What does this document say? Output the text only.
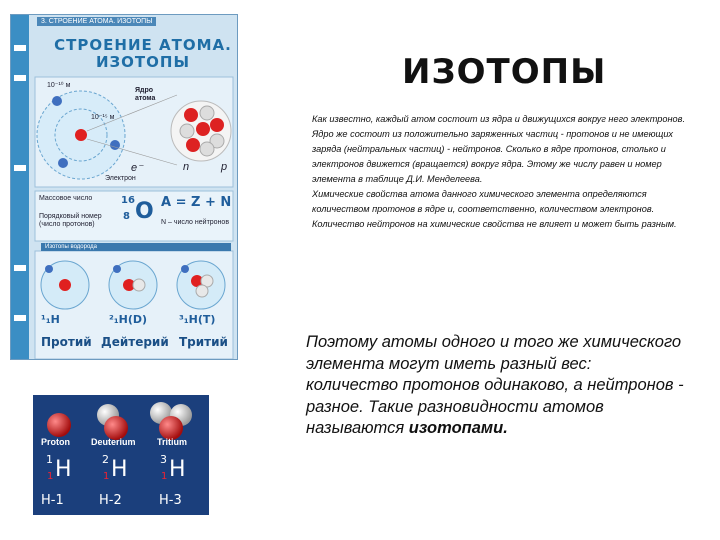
3. СТРОЕНИЕ АТОМА. ИЗОТОПЫ
СТРОЕНИЕ АТОМА.
ИЗОТОПЫ
10⁻¹⁰ м
10⁻¹⁵ м
Ядро
атома
Электрон
e⁻	n	p
Массовое число
Порядковый номер
(число протонов)
16
8 O A = Z + N
N – число нейтронов
Изотопы водорода
¹₁H
Протий
²₁H(D)
Дейтерий
³₁H(T)
Тритий
ИЗОТОПЫ

Как известно, каждый атом состоит из ядра и движущихся вокруг него электронов. Ядро же состоит из положительно заряженных частиц - протонов и не имеющих заряда (нейтральных частиц) - нейтронов. Сколько в ядре протонов, столько и электронов движется (вращается) вокруг ядра. Этому же числу равен и номер элемента в таблице Д.И. Менделеева.

Химические свойства атома данного химического элемента определяются количеством протонов в ядре и, соответственно, количеством электронов. Количество нейтронов на химические свойства не влияет и может быть разным.

Поэтому атомы одного и того же химического элемента могут иметь разный вес: количество протонов одинаково, а нейтронов - разное. Такие разновидности атомов называются изотопами.
Proton Deuterium Tritium
1 H
1
2 H
1
3 H
1
H-1	H-2	H-3
